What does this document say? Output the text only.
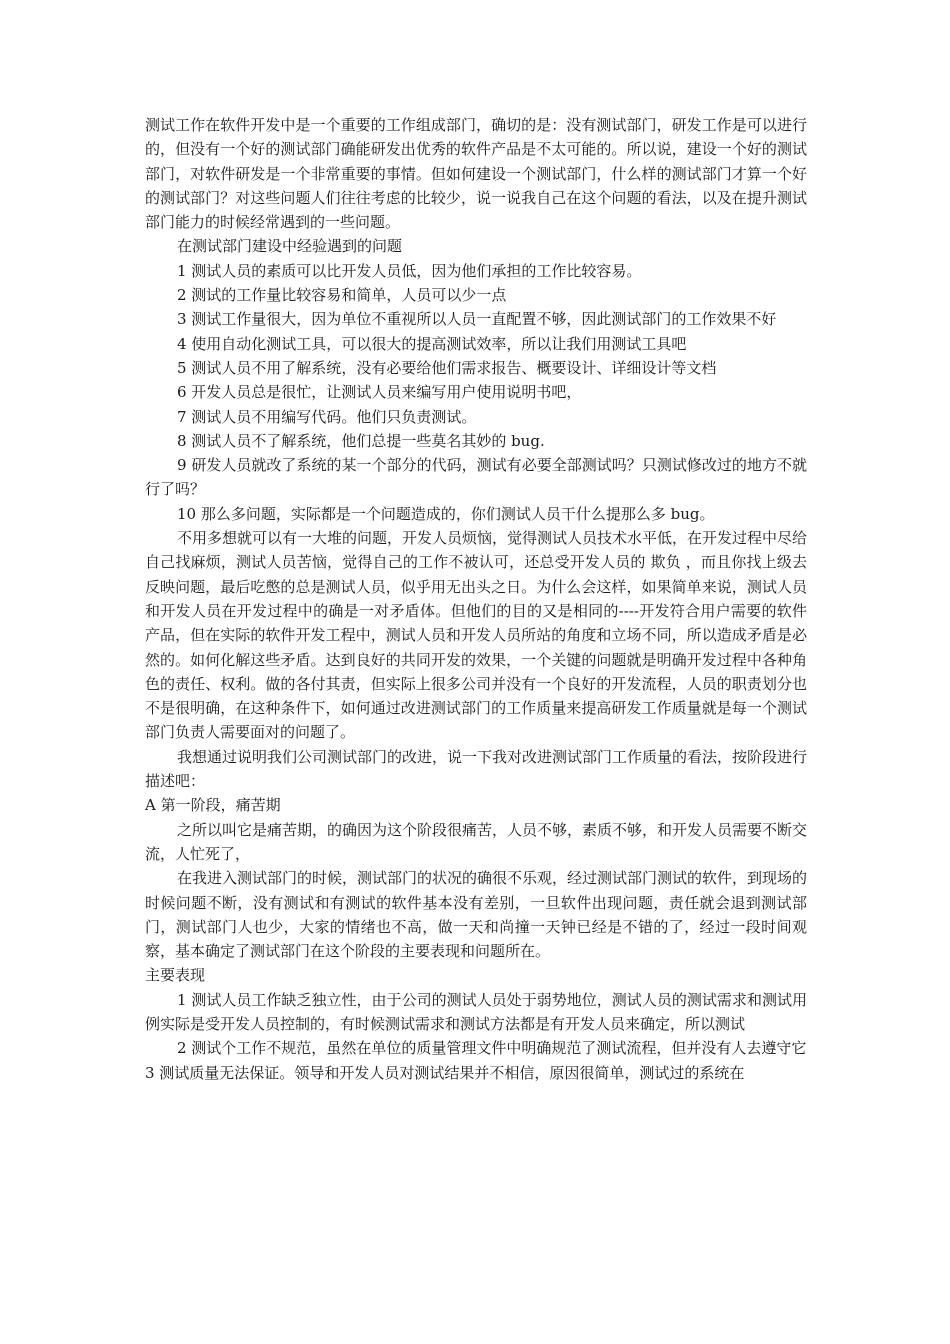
测试工作在软件开发中是一个重要的工作组成部门，确切的是：没有测试部门，研发工作是可以进行的，但没有一个好的测试部门确能研发出优秀的软件产品是不太可能的。所以说，建设一个好的测试部门，对软件研发是一个非常重要的事情。但如何建设一个测试部门，什么样的测试部门才算一个好的测试部门？对这些问题人们往往考虑的比较少，说一说我自己在这个问题的看法，以及在提升测试部门能力的时候经常遇到的一些问题。

在测试部门建设中经验遇到的问题

1 测试人员的素质可以比开发人员低，因为他们承担的工作比较容易。

2 测试的工作量比较容易和简单，人员可以少一点

3 测试工作量很大，因为单位不重视所以人员一直配置不够，因此测试部门的工作效果不好

4 使用自动化测试工具，可以很大的提高测试效率，所以让我们用测试工具吧

5 测试人员不用了解系统，没有必要给他们需求报告、概要设计、详细设计等文档

6 开发人员总是很忙，让测试人员来编写用户使用说明书吧，

7 测试人员不用编写代码。他们只负责测试。

8 测试人员不了解系统，他们总提一些莫名其妙的 bug.

9 研发人员就改了系统的某一个部分的代码，测试有必要全部测试吗？只测试修改过的地方不就行了吗？

10 那么多问题，实际都是一个问题造成的，你们测试人员干什么提那么多 bug。

不用多想就可以有一大堆的问题，开发人员烦恼，觉得测试人员技术水平低，在开发过程中尽给自己找麻烦，测试人员苦恼，觉得自己的工作不被认可，还总受开发人员的 欺负 ，而且你找上级去反映问题，最后吃憋的总是测试人员，似乎用无出头之日。为什么会这样，如果简单来说，测试人员和开发人员在开发过程中的确是一对矛盾体。但他们的目的又是相同的----开发符合用户需要的软件产品，但在实际的软件开发工程中，测试人员和开发人员所站的角度和立场不同，所以造成矛盾是必然的。如何化解这些矛盾。达到良好的共同开发的效果，一个关键的问题就是明确开发过程中各种角色的责任、权利。做的各付其责，但实际上很多公司并没有一个良好的开发流程，人员的职责划分也不是很明确，在这种条件下，如何通过改进测试部门的工作质量来提高研发工作质量就是每一个测试部门负责人需要面对的问题了。

我想通过说明我们公司测试部门的改进，说一下我对改进测试部门工作质量的看法，按阶段进行描述吧：

A 第一阶段，痛苦期

之所以叫它是痛苦期，的确因为这个阶段很痛苦，人员不够，素质不够，和开发人员需要不断交流，人忙死了，

在我进入测试部门的时候，测试部门的状况的确很不乐观，经过测试部门测试的软件，到现场的时候问题不断，没有测试和有测试的软件基本没有差别，一旦软件出现问题，责任就会退到测试部门，测试部门人也少，大家的情绪也不高，做一天和尚撞一天钟已经是不错的了，经过一段时间观察，基本确定了测试部门在这个阶段的主要表现和问题所在。

主要表现

1 测试人员工作缺乏独立性，由于公司的测试人员处于弱势地位，测试人员的测试需求和测试用例实际是受开发人员控制的，有时候测试需求和测试方法都是有开发人员来确定，所以测试

2 测试个工作不规范，虽然在单位的质量管理文件中明确规范了测试流程，但并没有人去遵守它

3 测试质量无法保证。领导和开发人员对测试结果并不相信，原因很简单，测试过的系统在
